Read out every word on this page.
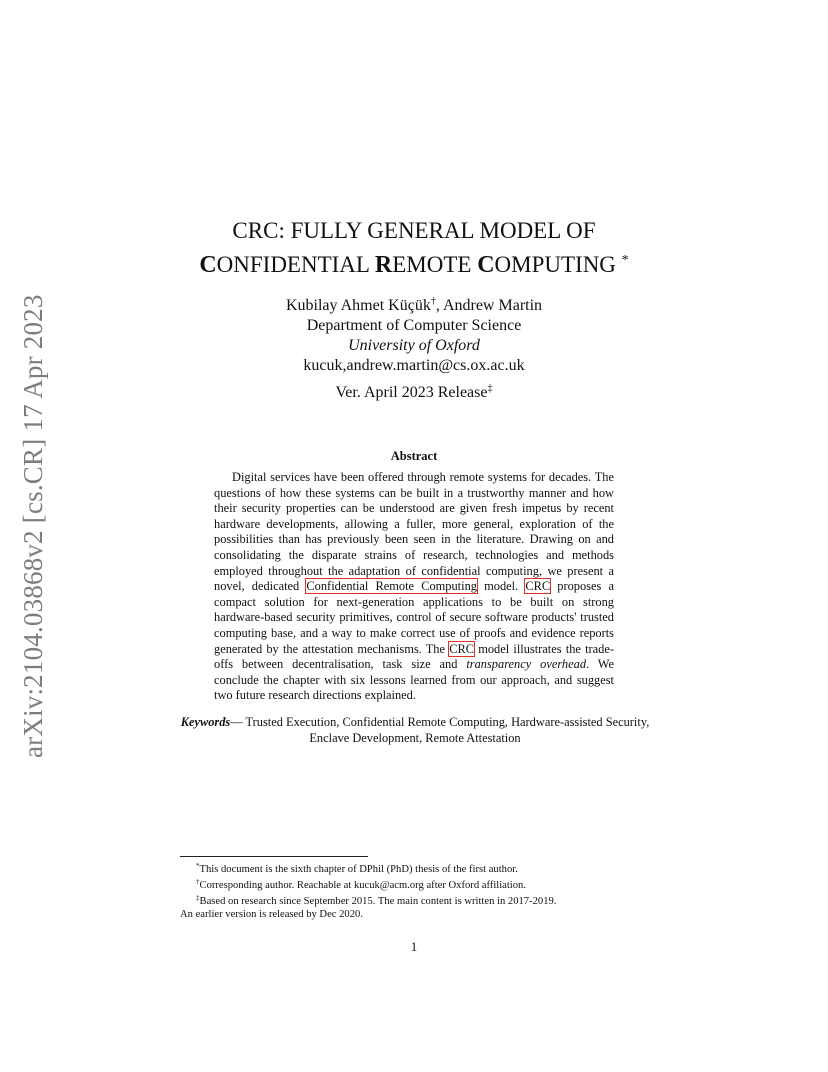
arXiv:2104.03868v2 [cs.CR] 17 Apr 2023
CRC: FULLY GENERAL MODEL OF
CONFIDENTIAL REMOTE COMPUTING *
Kubilay Ahmet Küçük†, Andrew Martin
Department of Computer Science
University of Oxford
kucuk,andrew.martin@cs.ox.ac.uk
Ver. April 2023 Release‡
Abstract
Digital services have been offered through remote systems for decades. The questions of how these systems can be built in a trustworthy manner and how their security properties can be understood are given fresh impetus by recent hardware developments, allowing a fuller, more general, exploration of the possibilities than has previously been seen in the literature. Drawing on and consolidating the disparate strains of research, technologies and methods employed throughout the adaptation of confidential computing, we present a novel, dedicated Confidential Remote Computing model. CRC proposes a compact solution for next-generation applications to be built on strong hardware-based security primitives, control of secure software products' trusted computing base, and a way to make correct use of proofs and evidence reports generated by the attestation mechanisms. The CRC model illustrates the trade-offs between decentralisation, task size and transparency overhead. We conclude the chapter with six lessons learned from our approach, and suggest two future research directions explained.
Keywords— Trusted Execution, Confidential Remote Computing, Hardware-assisted Security, Enclave Development, Remote Attestation
*This document is the sixth chapter of DPhil (PhD) thesis of the first author.
†Corresponding author. Reachable at kucuk@acm.org after Oxford affiliation.
‡Based on research since September 2015. The main content is written in 2017-2019.
An earlier version is released by Dec 2020.
1
